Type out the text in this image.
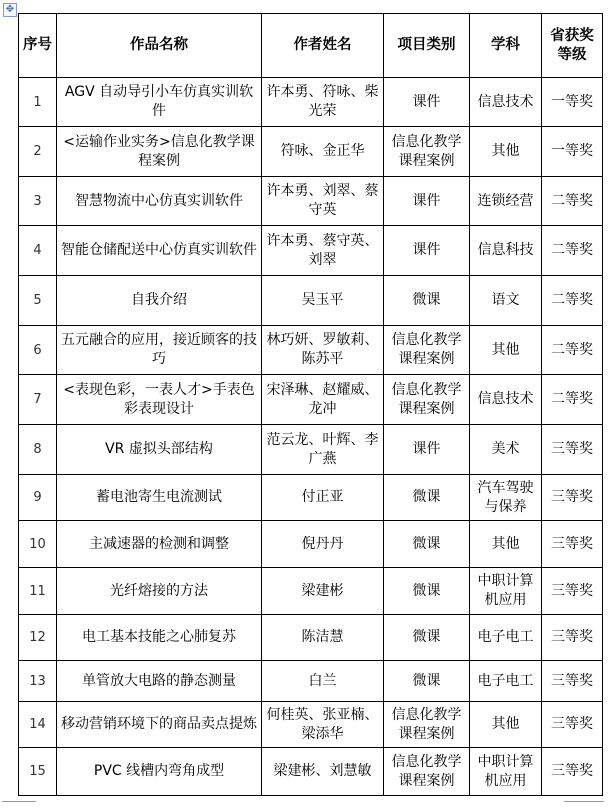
✥
序号	作品名称	作者姓名	项目类别	学科	省获奖等级
1	AGV 自动导引小车仿真实训软件	许本勇、符咏、柴光荣	课件	信息技术	一等奖
2	<运输作业实务>信息化教学课程案例	符咏、金正华	信息化教学课程案例	其他	一等奖
3	智慧物流中心仿真实训软件	许本勇、刘翠、蔡守英	课件	连锁经营	二等奖
4	智能仓储配送中心仿真实训软件	许本勇、蔡守英、刘翠	课件	信息科技	二等奖
5	自我介绍	吴玉平	微课	语文	二等奖
6	五元融合的应用，接近顾客的技巧	林巧妍、罗敏莉、陈苏平	信息化教学课程案例	其他	二等奖
7	<表现色彩，一表人才>手表色彩表现设计	宋泽琳、赵耀威、龙冲	信息化教学课程案例	信息技术	二等奖
8	VR 虚拟头部结构	范云龙、叶辉、李广燕	课件	美术	三等奖
9	蓄电池寄生电流测试	付正亚	微课	汽车驾驶与保养	三等奖
10	主减速器的检测和调整	倪丹丹	微课	其他	三等奖
11	光纤熔接的方法	梁建彬	微课	中职计算机应用	三等奖
12	电工基本技能之心肺复苏	陈洁慧	微课	电子电工	三等奖
13	单管放大电路的静态测量	白兰	微课	电子电工	三等奖
14	移动营销环境下的商品卖点提炼	何桂英、张亚楠、梁添华	信息化教学课程案例	其他	三等奖
15	PVC 线槽内弯角成型	梁建彬、刘慧敏	信息化教学课程案例	中职计算机应用	三等奖
